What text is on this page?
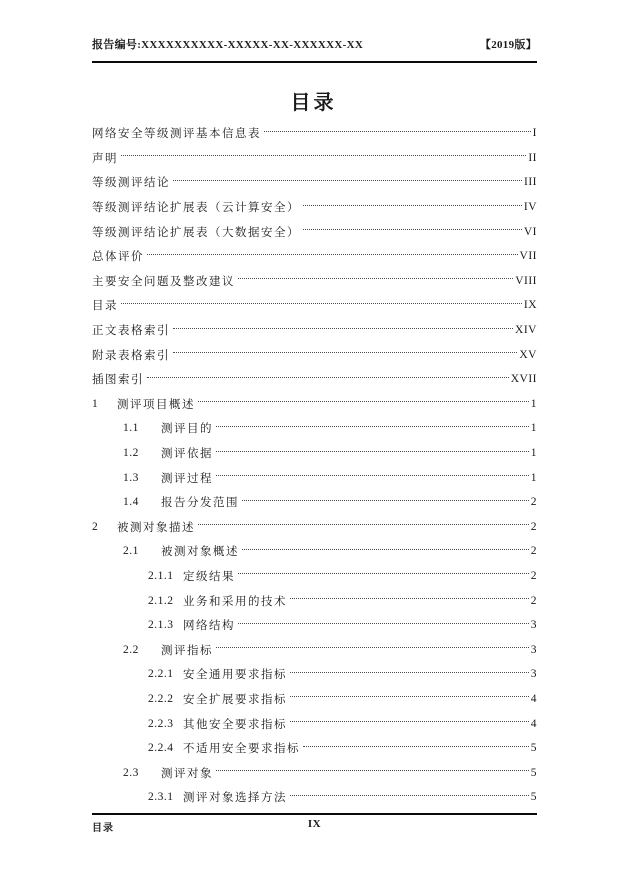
报告编号:XXXXXXXXXX-XXXXX-XX-XXXXXX-XX	【2019版】
目录
网络安全等级测评基本信息表	I
声明	II
等级测评结论	III
等级测评结论扩展表（云计算安全）	IV
等级测评结论扩展表（大数据安全）	VI
总体评价	VII
主要安全问题及整改建议	VIII
目录	IX
正文表格索引	XIV
附录表格索引	XV
插图索引	XVII
1	测评项目概述	1
1.1	测评目的	1
1.2	测评依据	1
1.3	测评过程	1
1.4	报告分发范围	2
2	被测对象描述	2
2.1	被测对象概述	2
2.1.1 定级结果	2
2.1.2 业务和采用的技术	2
2.1.3 网络结构	3
2.2	测评指标	3
2.2.1 安全通用要求指标	3
2.2.2 安全扩展要求指标	4
2.2.3 其他安全要求指标	4
2.2.4 不适用安全要求指标	5
2.3	测评对象	5
2.3.1 测评对象选择方法	5
IX
目录
